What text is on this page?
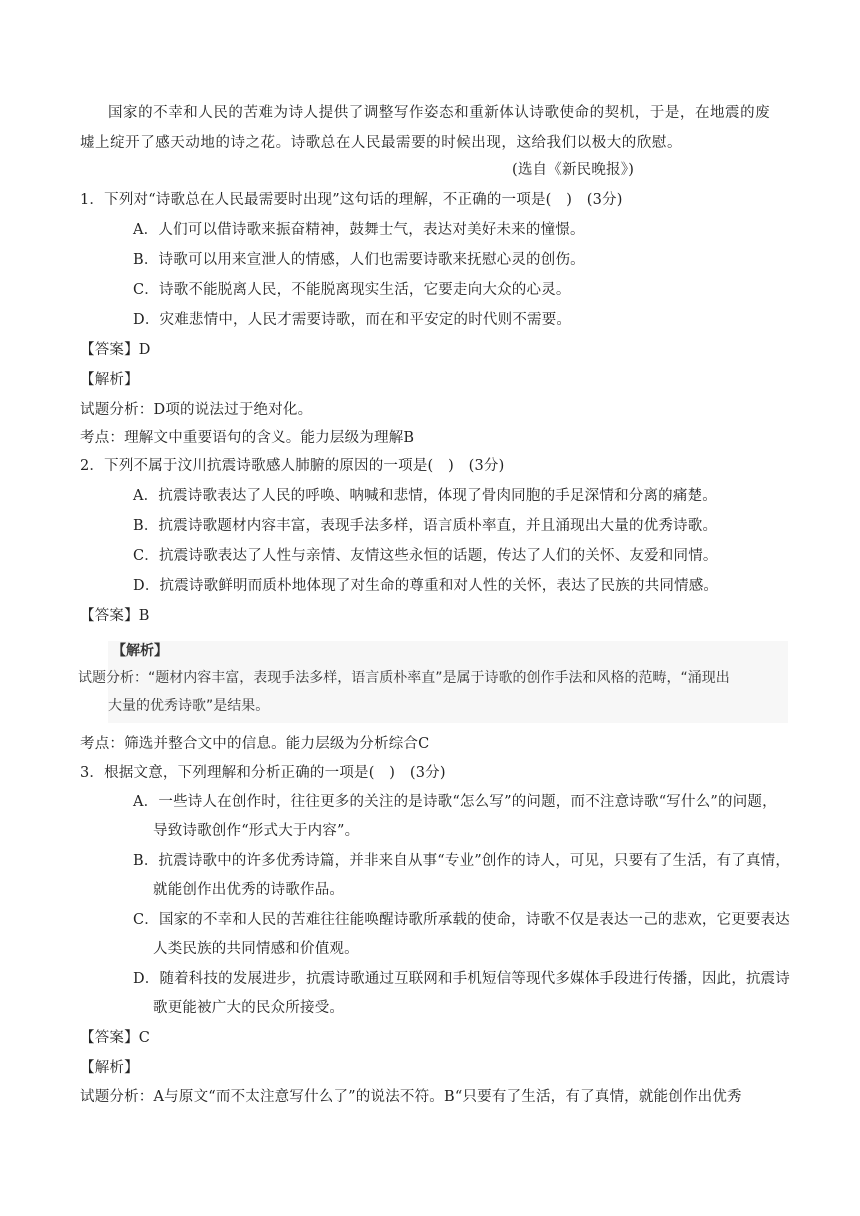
国家的不幸和人民的苦难为诗人提供了调整写作姿态和重新体认诗歌使命的契机，于是，在地震的废
墟上绽开了感天动地的诗之花。诗歌总在人民最需要的时候出现，这给我们以极大的欣慰。
(选自《新民晚报》)
1．下列对“诗歌总在人民最需要时出现”这句话的理解，不正确的一项是(　)　(3分)
A．人们可以借诗歌来振奋精神，鼓舞士气，表达对美好未来的憧憬。
B．诗歌可以用来宣泄人的情感，人们也需要诗歌来抚慰心灵的创伤。
C．诗歌不能脱离人民，不能脱离现实生活，它要走向大众的心灵。
D．灾难悲情中，人民才需要诗歌，而在和平安定的时代则不需要。
【答案】D
【解析】
试题分析：D项的说法过于绝对化。
考点：理解文中重要语句的含义。能力层级为理解B
2．下列不属于汶川抗震诗歌感人肺腑的原因的一项是(　)　(3分)
A．抗震诗歌表达了人民的呼唤、呐喊和悲情，体现了骨肉同胞的手足深情和分离的痛楚。
B．抗震诗歌题材内容丰富，表现手法多样，语言质朴率直，并且涌现出大量的优秀诗歌。
C．抗震诗歌表达了人性与亲情、友情这些永恒的话题，传达了人们的关怀、友爱和同情。
D．抗震诗歌鲜明而质朴地体现了对生命的尊重和对人性的关怀，表达了民族的共同情感。
【答案】B
【解析】
试题分析：“题材内容丰富，表现手法多样，语言质朴率直”是属于诗歌的创作手法和风格的范畴，“涌现出
大量的优秀诗歌”是结果。
考点：筛选并整合文中的信息。能力层级为分析综合C
3．根据文意，下列理解和分析正确的一项是(　)　(3分)
A．一些诗人在创作时，往往更多的关注的是诗歌“怎么写”的问题，而不注意诗歌“写什么”的问题，
导致诗歌创作“形式大于内容”。
B．抗震诗歌中的许多优秀诗篇，并非来自从事“专业”创作的诗人，可见，只要有了生活，有了真情，
就能创作出优秀的诗歌作品。
C．国家的不幸和人民的苦难往往能唤醒诗歌所承载的使命，诗歌不仅是表达一己的悲欢，它更要表达
人类民族的共同情感和价值观。
D．随着科技的发展进步，抗震诗歌通过互联网和手机短信等现代多媒体手段进行传播，因此，抗震诗
歌更能被广大的民众所接受。
【答案】C
【解析】
试题分析：A与原文“而不太注意写什么了”的说法不符。B“只要有了生活，有了真情，就能创作出优秀
